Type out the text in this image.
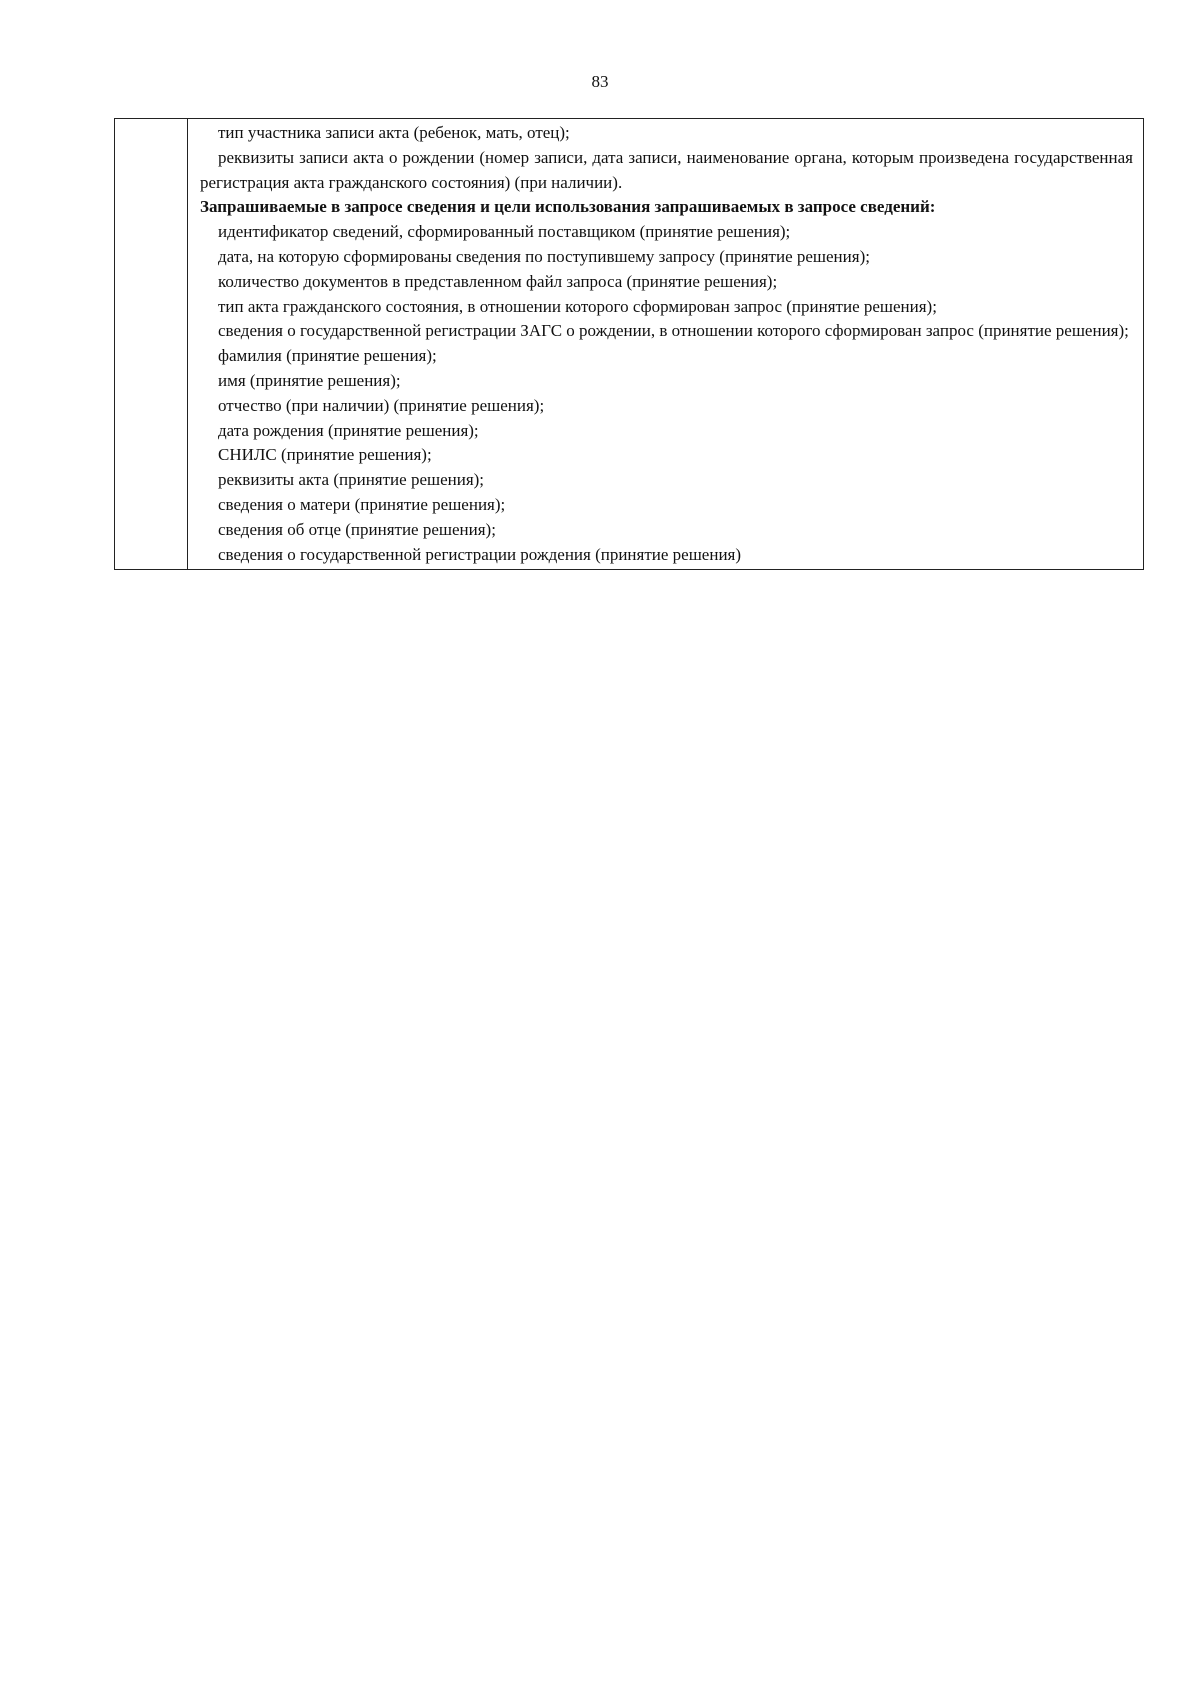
83

тип участника записи акта (ребенок, мать, отец);

реквизиты записи акта о рождении (номер записи, дата записи, наименование органа, которым произведена государственная регистрация акта гражданского состояния) (при наличии).

Запрашиваемые в запросе сведения и цели использования запрашиваемых в запросе сведений:

идентификатор сведений, сформированный поставщиком (принятие решения);

дата, на которую сформированы сведения по поступившему запросу (принятие решения);

количество документов в представленном файл запроса (принятие решения);

тип акта гражданского состояния, в отношении которого сформирован запрос (принятие решения);

сведения о государственной регистрации ЗАГС о рождении, в отношении которого сформирован запрос (принятие решения);

фамилия (принятие решения);

имя (принятие решения);

отчество (при наличии) (принятие решения);

дата рождения (принятие решения);

СНИЛС (принятие решения);

реквизиты акта (принятие решения);

сведения о матери (принятие решения);

сведения об отце (принятие решения);

сведения о государственной регистрации рождения (принятие решения)
